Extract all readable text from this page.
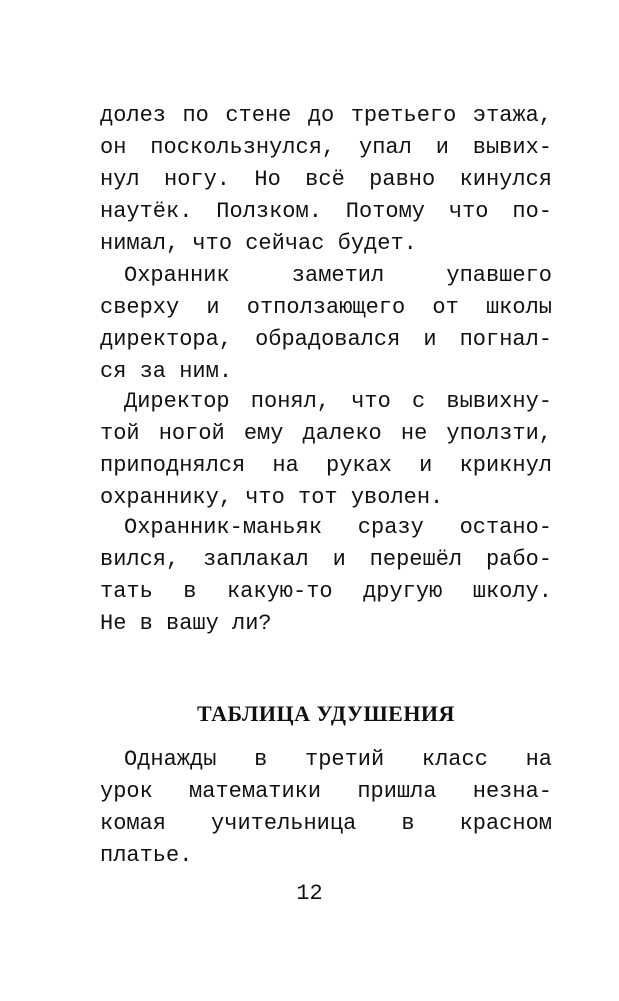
долез по стене до третьего этажа,
он поскользнулся, упал и вывих-
нул ногу. Но всё равно кинулся
наутёк. Ползком. Потому что по-
нимал, что сейчас будет.
Охранник заметил упавшего
сверху и отползающего от школы
директора, обрадовался и погнал-
ся за ним.
Директор понял, что с вывихну-
той ногой ему далеко не уползти,
приподнялся на руках и крикнул
охраннику, что тот уволен.
Охранник-маньяк сразу остано-
вился, заплакал и перешёл рабо-
тать в какую-то другую школу.
Не в вашу ли?
ТАБЛИЦА УДУШЕНИЯ
Однажды в третий класс на
урок математики пришла незна-
комая учительница в красном
платье.
12
